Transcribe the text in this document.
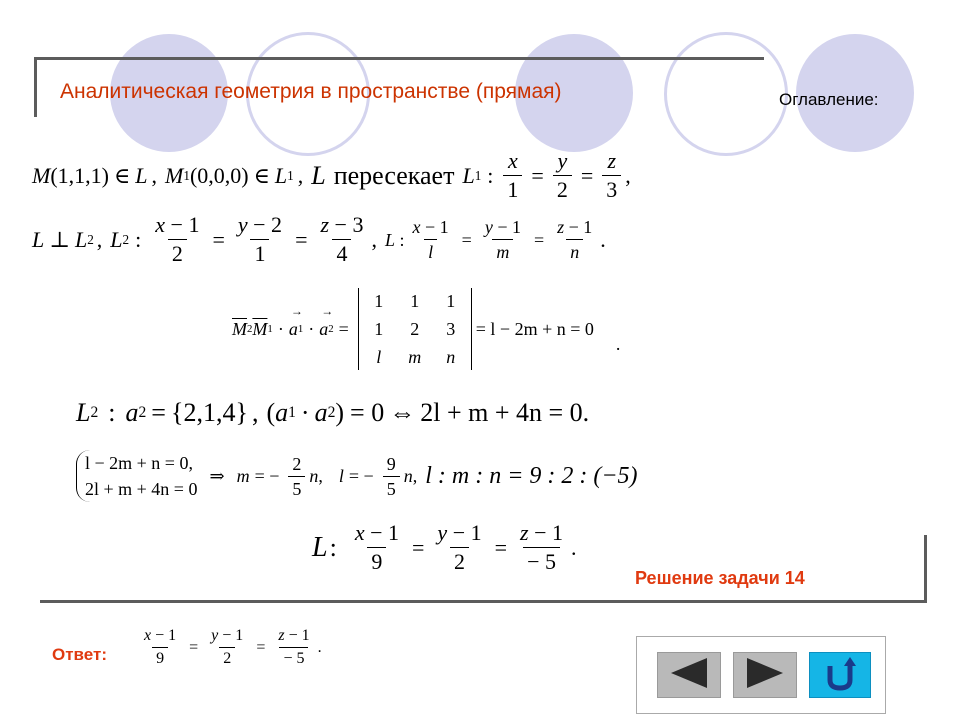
Аналитическая геометрия в пространстве (прямая)	Оглавление:
M (1,1,1) ∈ L , M 1 (0,0,0) ∈ L 1 , L пересекает L 1 : $\frac{x}{1} = \frac{y}{2} = \frac{z}{3}$ ,
L ⊥ L 2 , L 2 : $\frac{x - 1}{2} = \frac{y - 2}{1} = \frac{z - 3}{4}$ , L : $\frac{x - 1}{l} = \frac{y - 1}{m} = \frac{z - 1}{n}$ .
$\overline{M}$ 2 $\overline{M}$ 1 · → a 1 · → a 2 =
1	1	1
1	2	3
l	m	n
= l − 2m + n = 0
.
L 2 : a 2 = {2,1,4} , ( a 1 · a 2 ) = 0 ⇔ 2l + m + 4n = 0.
l − 2m + n = 0,
2l + m + 4n = 0
⇒ m = − $\frac{2}{5}$ n , l = − $\frac{9}{5}$ n , l : m : n = 9 : 2 : (−5)
L : $\frac{x - 1}{9} = \frac{y - 1}{2} = \frac{z - 1}{- 5}$ .
Решение задачи 14
Ответ: $\frac{x - 1}{9} = \frac{y - 1}{2} = \frac{z - 1}{- 5}$ .
